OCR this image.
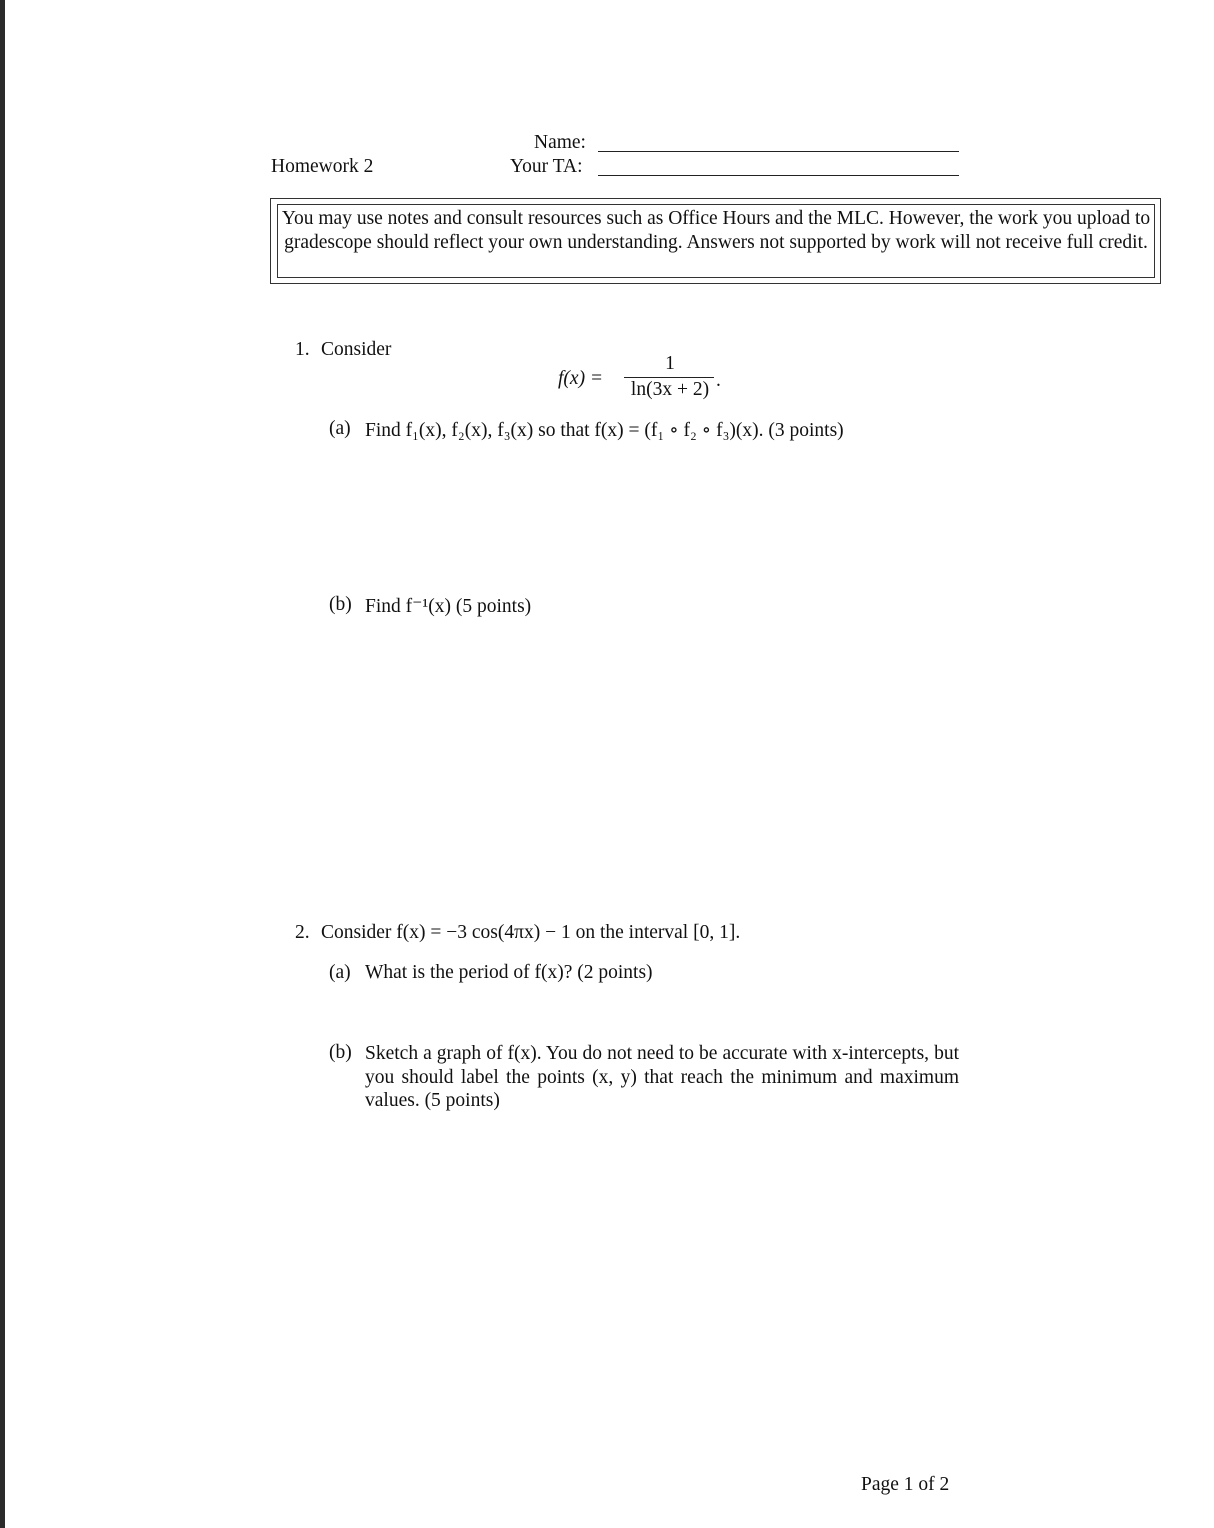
Name:
Homework 2	Your TA:
You may use notes and consult resources such as Office Hours and the MLC. However, the work you upload to gradescope should reflect your own understanding. Answers not supported by work will not receive full credit.
1. Consider
f(x) =
1
ln(3x + 2) .
(a) Find f₁(x), f₂(x), f₃(x) so that f(x) = (f₁ ∘ f₂ ∘ f₃)(x). (3 points)
(b) Find f⁻¹(x) (5 points)
2. Consider f(x) = −3 cos(4πx) − 1 on the interval [0, 1].
(a) What is the period of f(x)? (2 points)
(b) Sketch a graph of f(x). You do not need to be accurate with x-intercepts, but you should label the points (x, y) that reach the minimum and maximum values. (5 points)
Page 1 of 2
